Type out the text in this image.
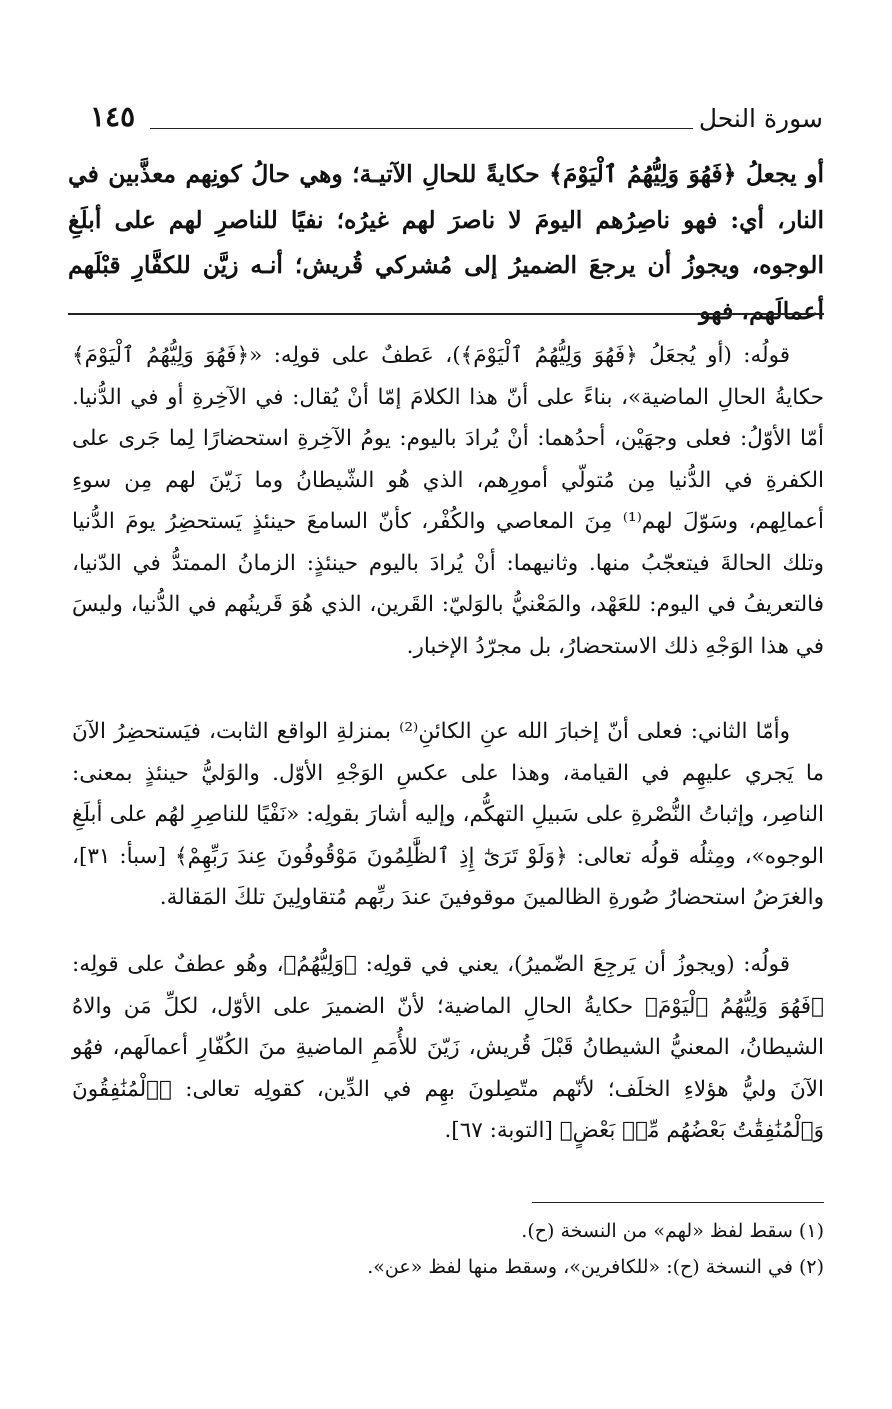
١٤٥	سورة النحل
أو يجعلُ ﴿فَهُوَ وَلِيُّهُمُ ٱلْيَوْمَ﴾ حكايةً للحالِ الآتيـة؛ وهي حالُ كونِهم معذَّبين في النار، أي: فهو ناصِرُهم اليومَ لا ناصرَ لهم غيرُه؛ نفيًا للناصرِ لهم على أبلَغِ الوجوه، ويجوزُ أن يرجعَ الضميرُ إلى مُشركي قُريش؛ أنـه زيَّن للكفَّارِ قبْلَهم أعمالَهم، فهو

قولُه: (أو يُجعَلُ ﴿فَهُوَ وَلِيُّهُمُ ٱلْيَوْمَ﴾)، عَطفٌ على قولِه: «﴿فَهُوَ وَلِيُّهُمُ ٱلْيَوْمَ﴾ حكايةُ الحالِ الماضية»، بناءً على أنّ هذا الكلامَ إمّا أنْ يُقال: في الآخِرةِ أو في الدُّنيا. أمّا الأوّلُ: فعلى وجهَيْن، أحدُهما: أنْ يُرادَ باليوم: يومُ الآخِرةِ استحضارًا لِما جَرى على الكفرةِ في الدُّنيا مِن مُتولّي أمورِهم، الذي هُو الشّيطانُ وما زَيّنَ لهم مِن سوءِ أعمالِهم، وسَوّلَ لهم⁽¹⁾ مِنَ المعاصي والكُفْر، كأنّ السامعَ حينئذٍ يَستحضِرُ يومَ الدُّنيا وتلك الحالةَ فيتعجّبُ منها. وثانيهما: أنْ يُرادَ باليوم حينئذٍ: الزمانُ الممتدُّ في الدّنيا، فالتعريفُ في اليوم: للعَهْد، والمَعْنيُّ بالوَليّ: القَرين، الذي هُوَ قَرينُهم في الدُّنيا، وليسَ في هذا الوَجْهِ ذلك الاستحضارُ، بل مجرّدُ الإخبار.

وأمّا الثاني: فعلى أنّ إخبارَ الله عنِ الكائنِ⁽²⁾ بمنزلةِ الواقع الثابت، فيَستحضِرُ الآنَ ما يَجري عليهِم في القيامة، وهذا على عكسِ الوَجْهِ الأوّل. والوَليُّ حينئذٍ بمعنى: الناصِر، وإثباتُ النُّصْرةِ على سَبيلِ التهكُّم، وإليه أشارَ بقولِه: «نَفْيًا للناصِرِ لهُم على أبلَغِ الوجوه»، ومِثلُه قولُه تعالى: ﴿وَلَوْ تَرَىٰٓ إِذِ ٱلظَّٰلِمُونَ مَوْقُوفُونَ عِندَ رَبِّهِمْ﴾ [سبأ: ٣١]، والغرَضُ استحضارُ صُورةِ الظالمينَ موقوفينَ عندَ ربِّهم مُتقاولِينَ تلكَ المَقالة.

قولُه: (ويجوزُ أن يَرجِعَ الضّميرُ)، يعني في قولِه: ﴿وَلِيُّهُمُ﴾، وهُو عطفٌ على قولِه: ﴿فَهُوَ وَلِيُّهُمُ ٱلْيَوْمَ﴾ حكايةُ الحالِ الماضية؛ لأنّ الضميرَ على الأوّل، لكلِّ مَن والاهُ الشيطانُ، المعنيُّ الشيطانُ قَبْلَ قُريش، زَيّنَ للأُمَمِ الماضيةِ منَ الكُفّارِ أعمالَهم، فهُو الآنَ وليُّ هؤلاءِ الخلَف؛ لأنّهم متّصِلونَ بهِم في الدِّين، كقولِه تعالى: ﴿ٱلْمُنَٰفِقُونَ وَٱلْمُنَٰفِقَٰتُ بَعْضُهُم مِّنۢ بَعْضٍ﴾ [التوبة: ٦٧].

(١) سقط لفظ «لهم» من النسخة (ح).
(٢) في النسخة (ح): «للكافرين»، وسقط منها لفظ «عن».
